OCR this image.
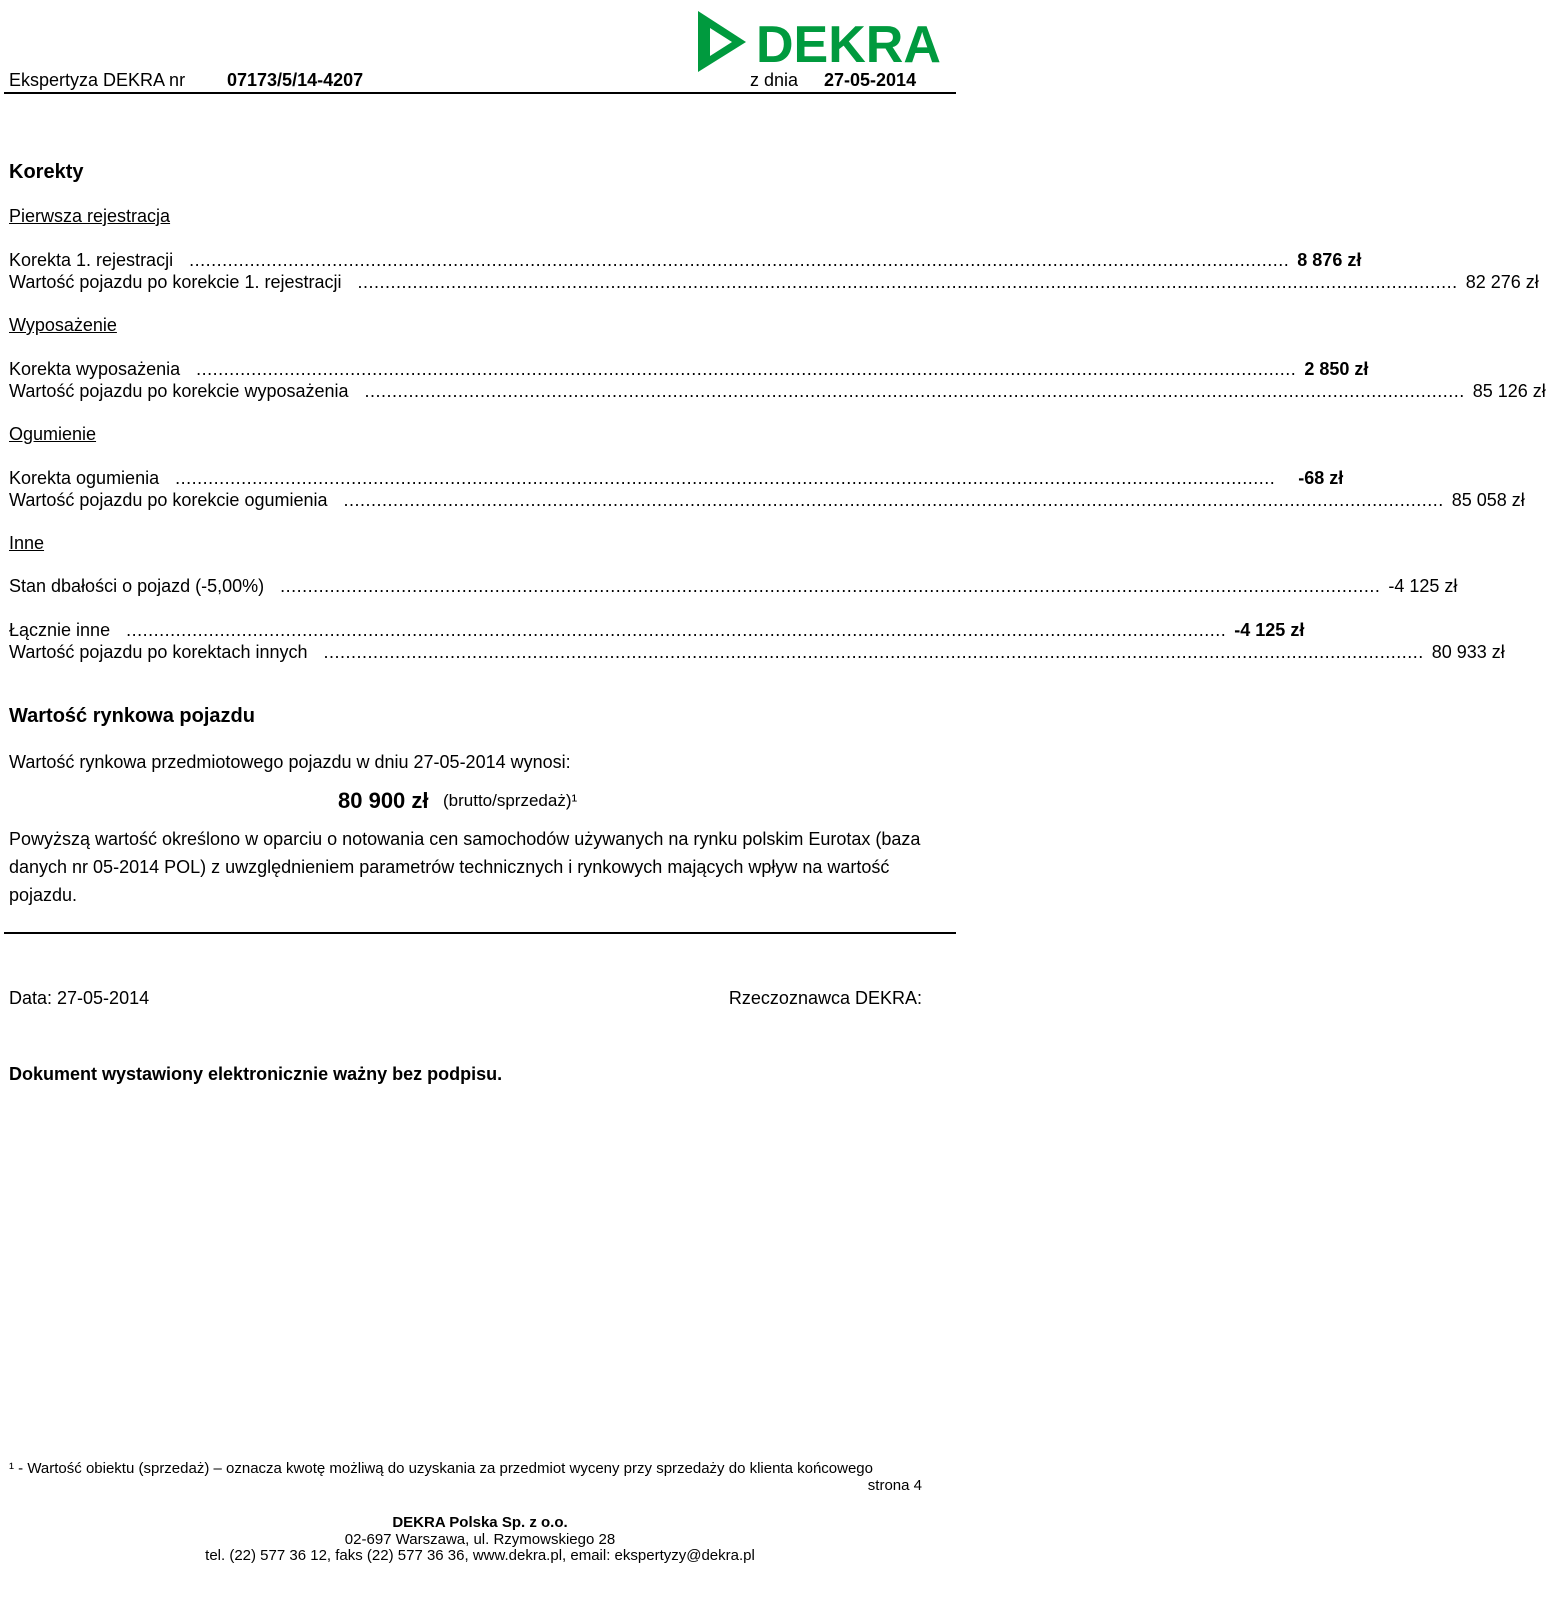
DEKRA
Ekspertyza DEKRA nr 07173/5/14-4207	z dnia 27-05-2014
Korekty
Pierwsza rejestracja
Korekta 1. rejestracji ........................................................................................................................................................................................................ 8 876 zł
Wartość pojazdu po korekcie 1. rejestracji ........................................................................................................................................................................................................ 82 276 zł
Wyposażenie
Korekta wyposażenia ........................................................................................................................................................................................................ 2 850 zł
Wartość pojazdu po korekcie wyposażenia ........................................................................................................................................................................................................ 85 126 zł
Ogumienie
Korekta ogumienia ........................................................................................................................................................................................................	-68 zł
Wartość pojazdu po korekcie ogumienia ........................................................................................................................................................................................................ 85 058 zł
Inne
Stan dbałości o pojazd (-5,00%) ........................................................................................................................................................................................................ -4 125 zł
Łącznie inne ........................................................................................................................................................................................................ -4 125 zł
Wartość pojazdu po korektach innych ........................................................................................................................................................................................................ 80 933 zł
Wartość rynkowa pojazdu
Wartość rynkowa przedmiotowego pojazdu w dniu 27-05-2014 wynosi:
80 900 zł (brutto/sprzedaż)¹
Powyższą wartość określono w oparciu o notowania cen samochodów używanych na rynku polskim Eurotax (baza danych nr 05-2014 POL) z uwzględnieniem parametrów technicznych i rynkowych mających wpływ na wartość pojazdu.
Data: 27-05-2014	Rzeczoznawca DEKRA:
Dokument wystawiony elektronicznie ważny bez podpisu.
¹ - Wartość obiektu (sprzedaż) – oznacza kwotę możliwą do uzyskania za przedmiot wyceny przy sprzedaży do klienta końcowego
strona 4
DEKRA Polska Sp. z o.o.
02-697 Warszawa, ul. Rzymowskiego 28
tel. (22) 577 36 12, faks (22) 577 36 36, www.dekra.pl, email: ekspertyzy@dekra.pl
